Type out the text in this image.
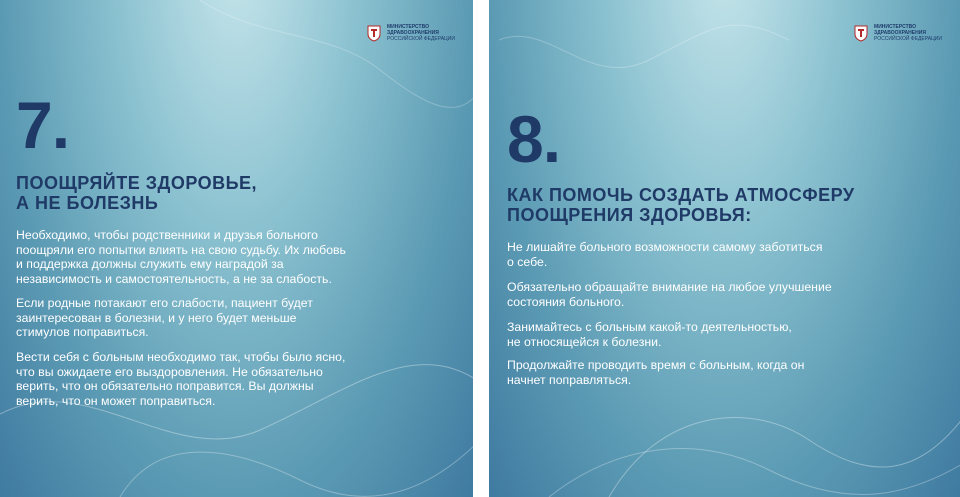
МИНИСТЕРСТВО
ЗДРАВООХРАНЕНИЯ
РОССИЙСКОЙ ФЕДЕРАЦИИ
7.
ПООЩРЯЙТЕ ЗДОРОВЬЕ,
А НЕ БОЛЕЗНЬ
Необходимо, чтобы родственники и друзья больного
поощряли его попытки влиять на свою судьбу. Их любовь
и поддержка должны служить ему наградой за
независимость и самостоятельность, а не за слабость.
Если родные потакают его слабости, пациент будет
заинтересован в болезни, и у него будет меньше
стимулов поправиться.
Вести себя с больным необходимо так, чтобы было ясно,
что вы ожидаете его выздоровления. Не обязательно
верить, что он обязательно поправится. Вы должны
верить, что он может поправиться.
МИНИСТЕРСТВО
ЗДРАВООХРАНЕНИЯ
РОССИЙСКОЙ ФЕДЕРАЦИИ
8.
КАК ПОМОЧЬ СОЗДАТЬ АТМОСФЕРУ
ПООЩРЕНИЯ ЗДОРОВЬЯ:
Не лишайте больного возможности самому заботиться
о себе.
Обязательно обращайте внимание на любое улучшение
состояния больного.
Занимайтесь с больным какой-то деятельностью,
не относящейся к болезни.
Продолжайте проводить время с больным, когда он
начнет поправляться.
